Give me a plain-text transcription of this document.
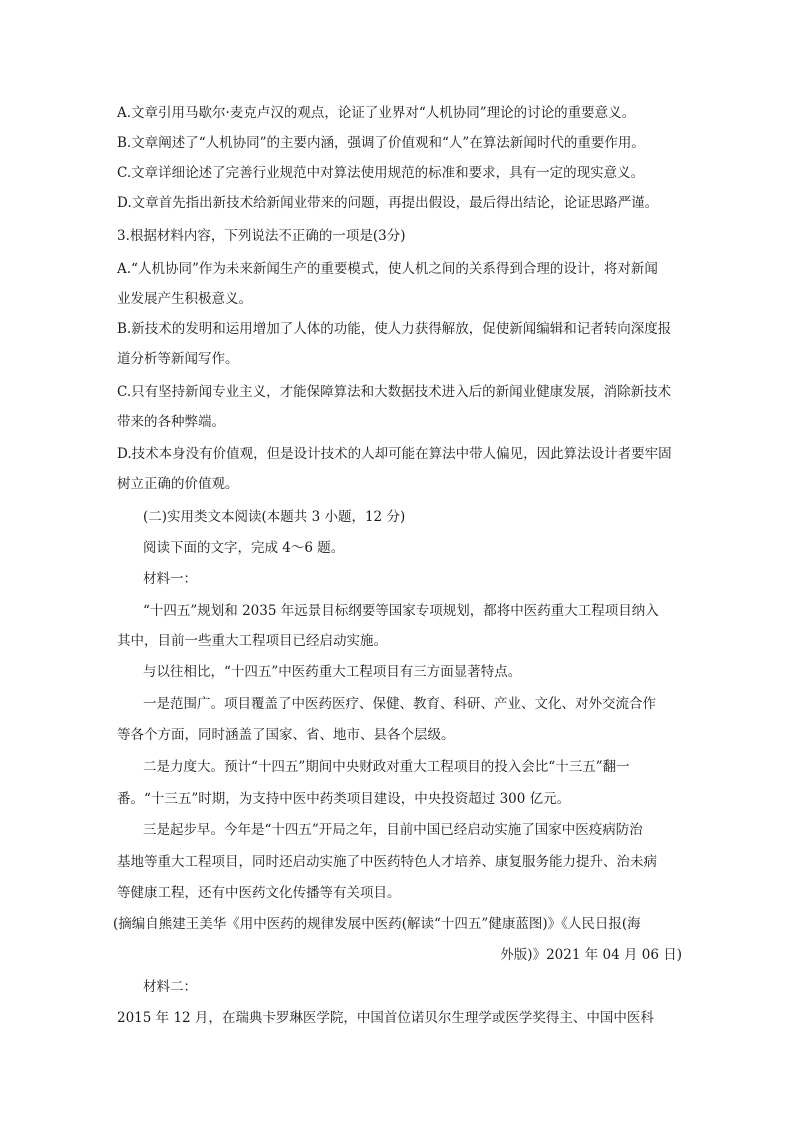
A.文章引用马歇尔·麦克卢汉的观点，论证了业界对“人机协同”理论的讨论的重要意义。
B.文章阐述了“人机协同”的主要内涵，强调了价值观和“人”在算法新闻时代的重要作用。
C.文章详细论述了完善行业规范中对算法使用规范的标准和要求，具有一定的现实意义。
D.文章首先指出新技术给新闻业带来的问题，再提出假设，最后得出结论，论证思路严谨。
3.根据材料内容，下列说法不正确的一项是(3分)
A.“人机协同”作为未来新闻生产的重要模式，使人机之间的关系得到合理的设计，将对新闻
业发展产生积极意义。
B.新技术的发明和运用增加了人体的功能，使人力获得解放，促使新闻编辑和记者转向深度报
道分析等新闻写作。
C.只有坚持新闻专业主义，才能保障算法和大数据技术进入后的新闻业健康发展，消除新技术
带来的各种弊端。
D.技术本身没有价值观，但是设计技术的人却可能在算法中带人偏见，因此算法设计者要牢固
树立正确的价值观。
(二)实用类文本阅读(本题共 3 小题，12 分)
阅读下面的文字，完成 4～6 题。
材料一：
“十四五”规划和 2035 年远景目标纲要等国家专项规划，都将中医药重大工程项目纳入
其中，目前一些重大工程项目已经启动实施。
与以往相比，“十四五”中医药重大工程项目有三方面显著特点。
一是范围广。项目覆盖了中医药医疗、保健、教育、科研、产业、文化、对外交流合作
等各个方面，同时涵盖了国家、省、地市、县各个层级。
二是力度大。预计“十四五”期间中央财政对重大工程项目的投入会比“十三五”翻一
番。“十三五”时期，为支持中医中药类项目建设，中央投资超过 300 亿元。
三是起步早。今年是“十四五”开局之年，目前中国已经启动实施了国家中医疫病防治
基地等重大工程项目，同时还启动实施了中医药特色人才培养、康复服务能力提升、治未病
等健康工程，还有中医药文化传播等有关项目。
(摘编自熊建王美华《用中医药的规律发展中医药(解读“十四五”健康蓝图)》《人民日报(海
外版)》2021 年 04 月 06 日)
材料二：
2015 年 12 月，在瑞典卡罗琳医学院，中国首位诺贝尔生理学或医学奖得主、中国中医科
